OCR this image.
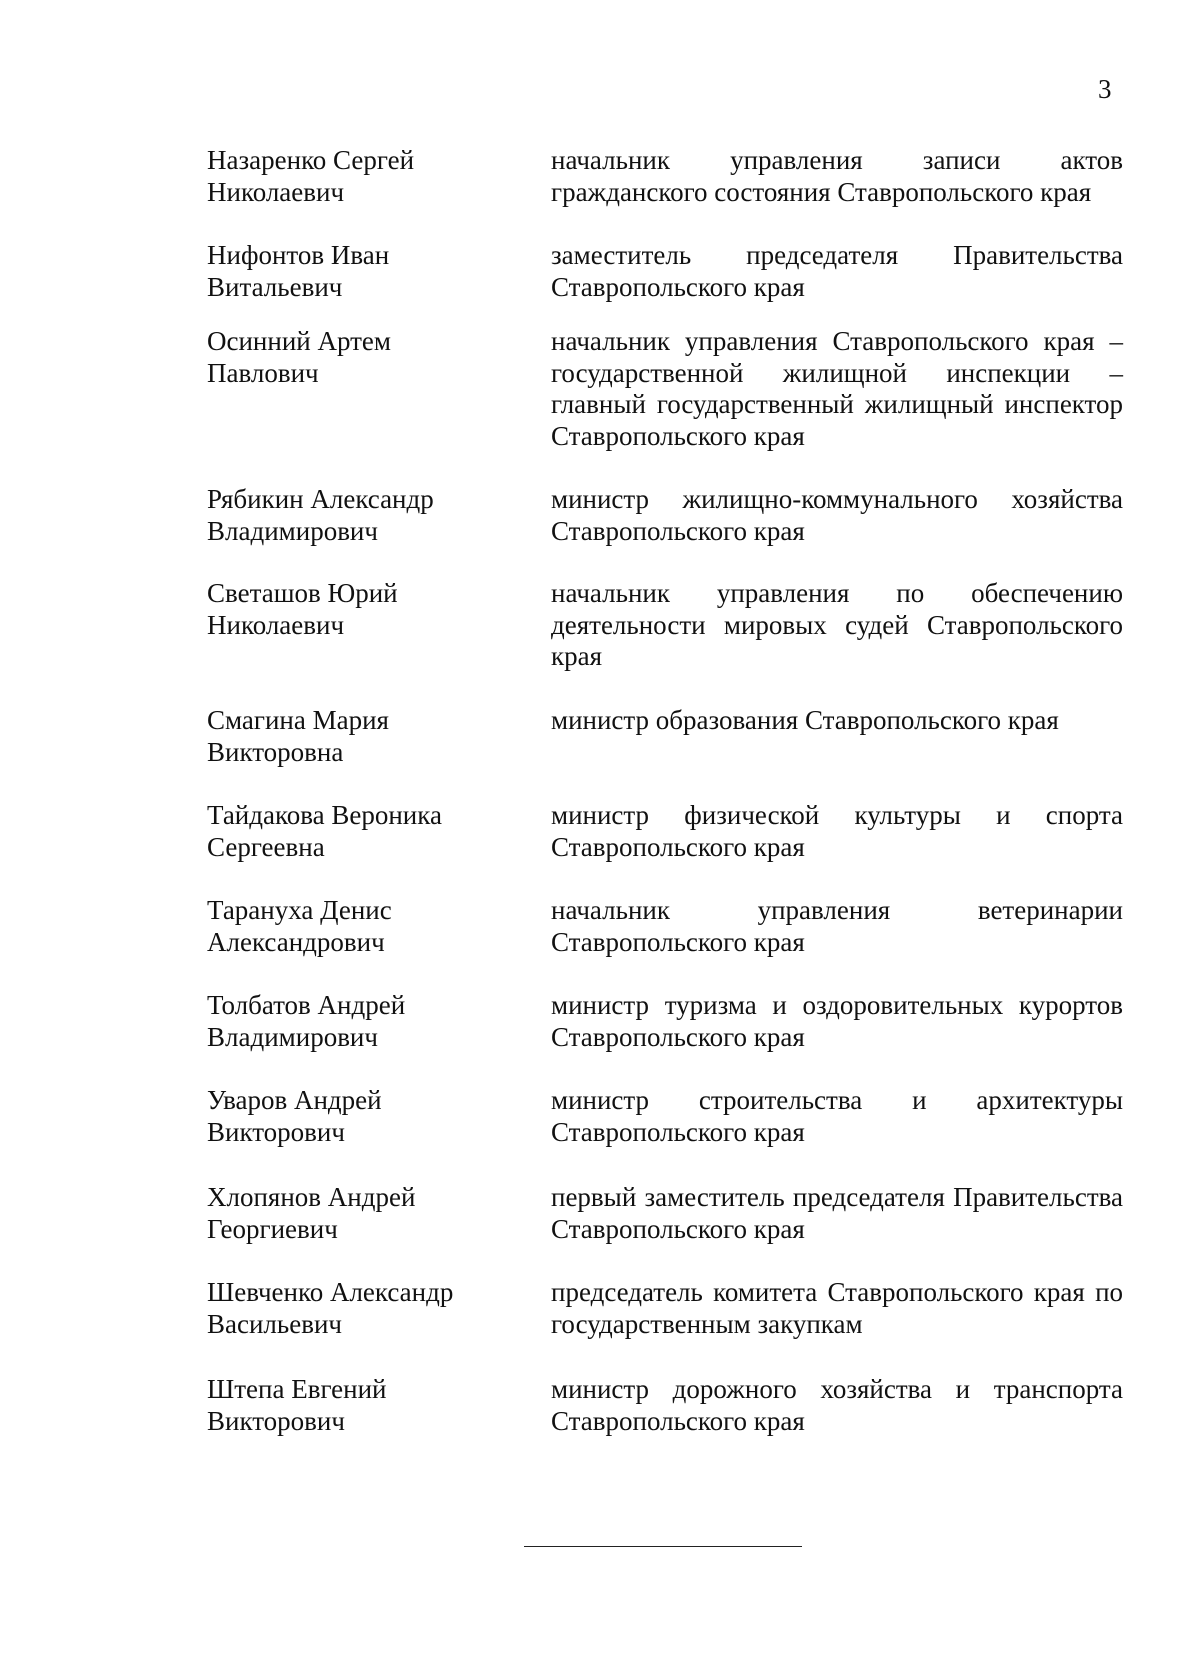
3
Назаренко Сергей
Николаевич
начальник управления записи актов гражданского состояния Ставропольского края
Нифонтов Иван
Витальевич
заместитель председателя Правительства Ставропольского края
Осинний Артем
Павлович
начальник управления Ставропольского края – государственной жилищной инспекции – главный государственный жилищный инспектор Ставропольского края
Рябикин Александр
Владимирович
министр жилищно-коммунального хозяйства Ставропольского края
Светашов Юрий
Николаевич
начальник управления по обеспечению деятельности мировых судей Ставропольского края
Смагина Мария
Викторовна
министр образования Ставропольского края
Тайдакова Вероника
Сергеевна
министр физической культуры и спорта Ставропольского края
Тарануха Денис
Александрович
начальник управления ветеринарии Ставропольского края
Толбатов Андрей
Владимирович
министр туризма и оздоровительных курортов Ставропольского края
Уваров Андрей
Викторович
министр строительства и архитектуры Ставропольского края
Хлопянов Андрей
Георгиевич
первый заместитель председателя Правительства Ставропольского края
Шевченко Александр
Васильевич
председатель комитета Ставропольского края по государственным закупкам
Штепа Евгений
Викторович
министр дорожного хозяйства и транспорта Ставропольского края
